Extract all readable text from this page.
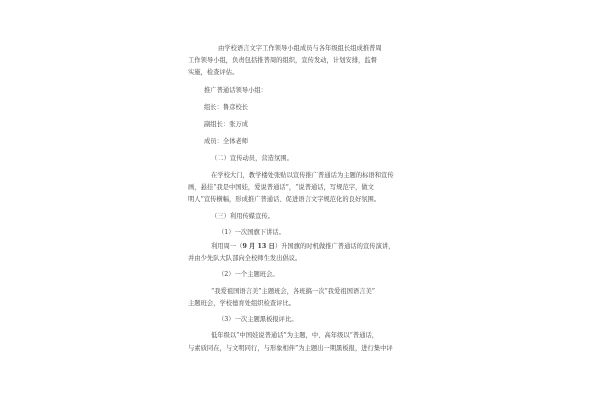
由学校语言文字工作领导小组成员与各年级组长组成推普周
工作领导小组，负责包括推普周的组织，宣传发动，计划安排，监督
实施，检查评估。
推广普通话领导小组：
组长：鲁彦校长
副组长：张万成
成员：全体老师
（二）宣传动员，营造氛围。
在学校大门，教学楼处张贴以宣传推广普通话为主题的标语和宣传
画，悬挂“我是中国娃，爱说普通话”，“说普通话，写规范字，做文
明人”宣传横幅，形成推广普通话、促进语言文字规范化的良好氛围。
（三）利用传媒宣传。
（1）一次国旗下讲话。
利用周一（9 月 13 日）升国旗的时机做推广普通话的宣传演讲，
并由少先队大队部向全校师生发出倡议。
（2）一个主题班会。
“我爱祖国语言美”主题班会，各班搞一次“我爱祖国语言美”
主题班会，学校德育处组织检查评比。
（3）一次主题黑板报评比。
低年级以“中国娃说普通话”为主题，中、高年级以“普通话，
与素质同在，与文明同行，与形象相伴”为主题出一期黑板报，进行集中评
